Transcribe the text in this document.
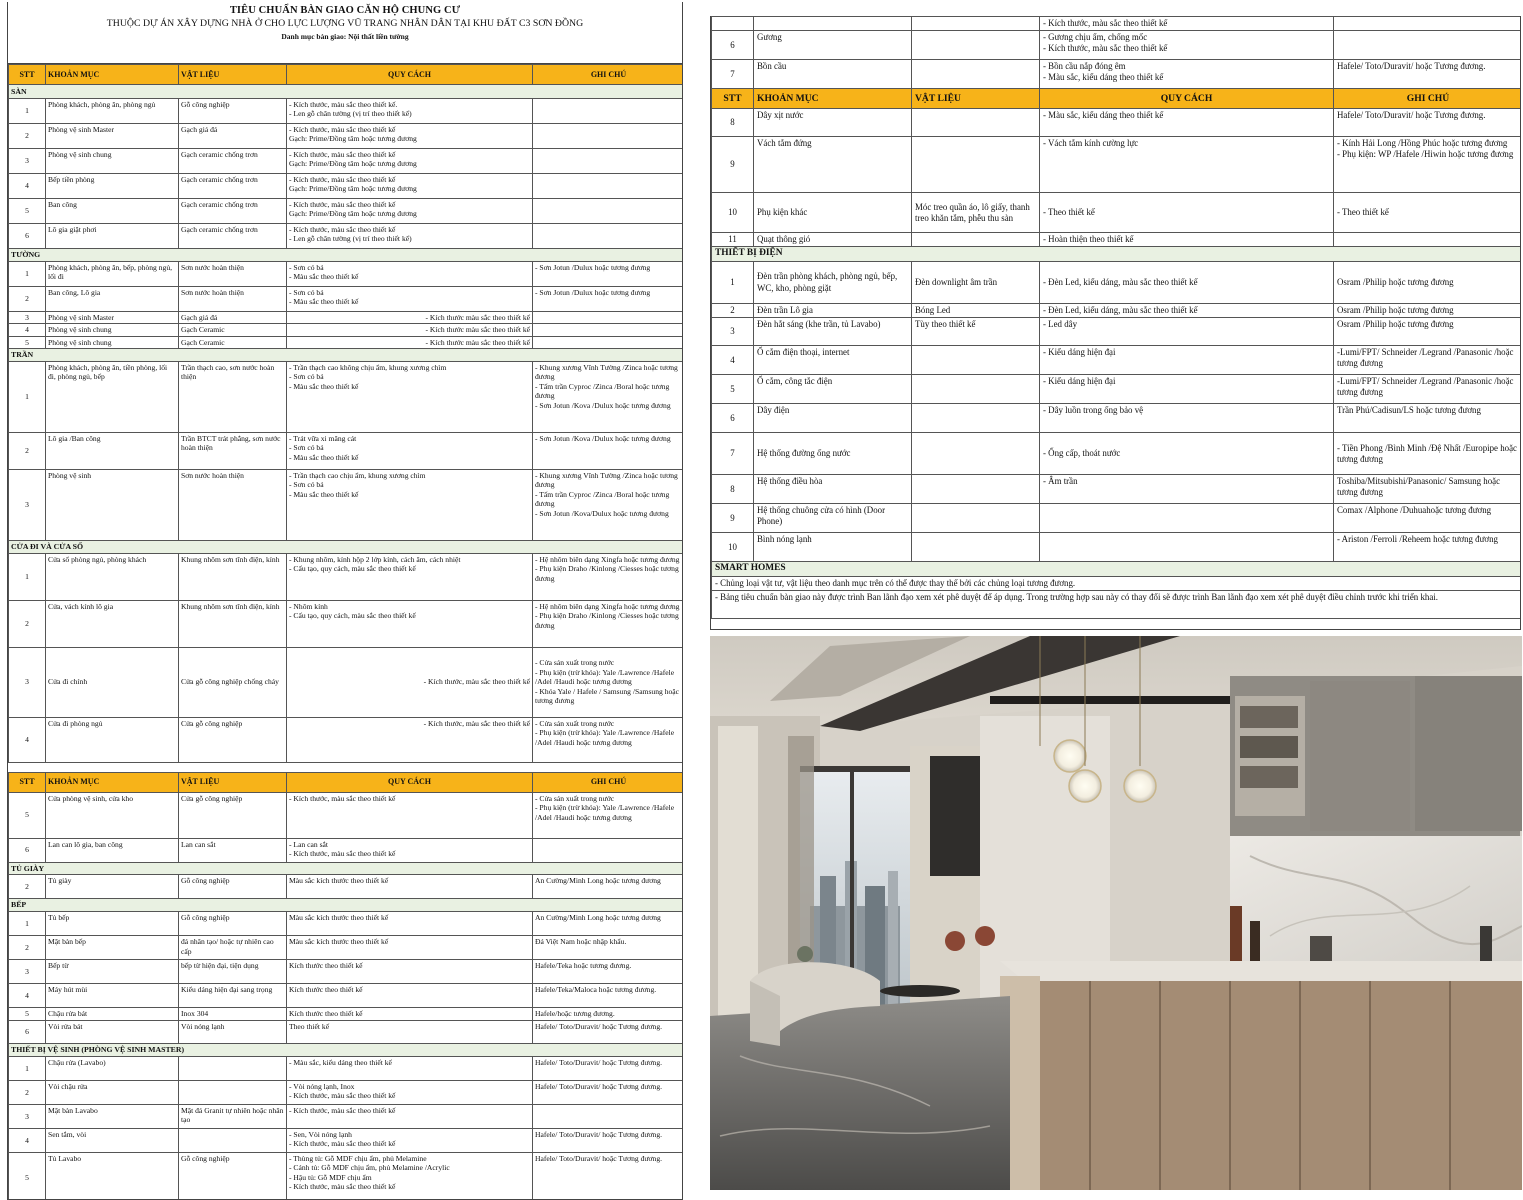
TIÊU CHUẨN BÀN GIAO CĂN HỘ CHUNG CƯ
THUỘC DỰ ÁN XÂY DỰNG NHÀ Ở CHO LỰC LƯỢNG VŨ TRANG NHÂN DÂN TẠI KHU ĐẤT C3 SƠN ĐỒNG
Danh mục bàn giao: Nội thất liền tường
STT	KHOẢN MỤC	VẬT LIỆU	QUY CÁCH	GHI CHÚ
SÀN				
1	Phòng khách, phòng ăn, phòng ngủ	Gỗ công nghiệp	- Kích thước, màu sắc theo thiết kế.
- Len gỗ chân tường (vị trí theo thiết kế)	
2	Phòng vệ sinh Master	Gạch giả đá	- Kích thước, màu sắc theo thiết kế
Gạch: Prime/Đồng tâm hoặc tương đương	
3	Phòng vệ sinh chung	Gạch ceramic chống trơn	- Kích thước, màu sắc theo thiết kế
Gạch: Prime/Đồng tâm hoặc tương đương	
4	Bếp tiền phòng	Gạch ceramic chống trơn	- Kích thước, màu sắc theo thiết kế
Gạch: Prime/Đồng tâm hoặc tương đương	
5	Ban công	Gạch ceramic chống trơn	- Kích thước, màu sắc theo thiết kế
Gạch: Prime/Đồng tâm hoặc tương đương	
6	Lô gia giặt phơi	Gạch ceramic chống trơn	- Kích thước, màu sắc theo thiết kế
- Len gỗ chân tường (vị trí theo thiết kế)	
TƯỜNG				
1	Phòng khách, phòng ăn, bếp, phòng ngủ, lối đi	Sơn nước hoàn thiện	- Sơn có bả
- Màu sắc theo thiết kế	- Sơn Jotun /Dulux hoặc tương đương
2	Ban công, Lô gia	Sơn nước hoàn thiện	- Sơn có bả
- Màu sắc theo thiết kế	- Sơn Jotun /Dulux hoặc tương đương
3	Phòng vệ sinh Master	Gạch giả đá	- Kích thước màu sắc theo thiết kế	
4	Phòng vệ sinh chung	Gạch Ceramic	- Kích thước màu sắc theo thiết kế	
5	Phòng vệ sinh chung	Gạch Ceramic	- Kích thước màu sắc theo thiết kế	
TRẦN				
1	Phòng khách, phòng ăn, tiền phòng, lối đi, phòng ngủ, bếp	Trần thạch cao, sơn nước hoàn thiện	- Trần thạch cao không chịu ẩm, khung xương chìm
- Sơn có bả
- Màu sắc theo thiết kế	- Khung xương Vĩnh Tường /Zinca hoặc tương đương
- Tấm trần Cyproc /Zinca /Boral hoặc tương đương
- Sơn Jotun /Kova /Dulux hoặc tương đương
2	Lô gia /Ban công	Trần BTCT trát phẳng, sơn nước hoàn thiện	- Trát vữa xi măng cát
- Sơn có bả
- Màu sắc theo thiết kế	- Sơn Jotun /Kova /Dulux hoặc tương đương
3	Phòng vệ sinh	Sơn nước hoàn thiện	- Trần thạch cao chịu ẩm, khung xương chìm
- Sơn có bả
- Màu sắc theo thiết kế	- Khung xương Vĩnh Tường /Zinca hoặc tương đương
- Tấm trần Cyproc /Zinca /Boral hoặc tương đương
- Sơn Jotun /Kova/Dulux hoặc tương đương
CỬA ĐI VÀ CỬA SỔ				
1	Cửa sổ phòng ngủ, phòng khách	Khung nhôm sơn tĩnh điện, kính	- Khung nhôm, kính hộp 2 lớp kính, cách âm, cách nhiệt
- Cấu tạo, quy cách, màu sắc theo thiết kế	- Hệ nhôm biên dạng Xingfa hoặc tương đương
- Phụ kiện Draho /Kinlong /Ciesses hoặc tương đương
2	Cửa, vách kính lô gia	Khung nhôm sơn tĩnh điện, kính	- Nhôm kính
- Cấu tạo, quy cách, màu sắc theo thiết kế	- Hệ nhôm biên dạng Xingfa hoặc tương đương
- Phụ kiện Draho /Kinlong /Ciesses hoặc tương đương
3	Cửa đi chính	Cửa gỗ công nghiệp chống cháy	- Kích thước, màu sắc theo thiết kế	- Cửa sản xuất trong nước
- Phụ kiện (trừ khóa): Yale /Lawrence /Hafele /Adel /Haudi hoặc tương đương
- Khóa Yale / Hafele / Samsung /Samsung hoặc tương đương
4	Cửa đi phòng ngủ	Cửa gỗ công nghiệp	- Kích thước, màu sắc theo thiết kế	- Cửa sản xuất trong nước
- Phụ kiện (trừ khóa): Yale /Lawrence /Hafele /Adel /Haudi hoặc tương đương

STT	KHOẢN MỤC	VẬT LIỆU	QUY CÁCH	GHI CHÚ
5	Cửa phòng vệ sinh, cửa kho	Cửa gỗ công nghiệp	- Kích thước, màu sắc theo thiết kế	- Cửa sản xuất trong nước
- Phụ kiện (trừ khóa): Yale /Lawrence /Hafele /Adel /Haudi hoặc tương đương
6	Lan can lô gia, ban công	Lan can sắt	- Lan can sắt
- Kích thước, màu sắc theo thiết kế	
TỦ GIÀY				
2	Tủ giày	Gỗ công nghiệp	Màu sắc kích thước theo thiết kế	An Cường/Minh Long hoặc tương đương
BẾP				
1	Tủ bếp	Gỗ công nghiệp	Màu sắc kích thước theo thiết kế	An Cường/Minh Long hoặc tương đương
2	Mặt bàn bếp	đá nhân tạo/ hoặc tự nhiên cao cấp	Màu sắc kích thước theo thiết kế	Đá Việt Nam hoặc nhập khẩu.
3	Bếp từ	bếp từ hiện đại, tiện dụng	Kích thước theo thiết kế	Hafele/Teka hoặc tương đương.
4	Máy hút mùi	Kiểu dáng hiện đại sang trọng	Kích thước theo thiết kế	Hafele/Teka/Maloca hoặc tương đương.
5	Chậu rửa bát	Inox 304	Kích thước theo thiết kế	Hafele/hoặc tương đương.
6	Vòi rửa bát	Vòi nóng lạnh	Theo thiết kế	Hafele/ Toto/Duravit/ hoặc Tương đương.
THIẾT BỊ VỆ SINH (PHÒNG VỆ SINH MASTER)				
1	Chậu rửa (Lavabo)		- Màu sắc, kiểu dáng theo thiết kế	Hafele/ Toto/Duravit/ hoặc Tương đương.
2	Vòi chậu rửa		- Vòi nóng lạnh, Inox
- Kích thước, màu sắc theo thiết kế	Hafele/ Toto/Duravit/ hoặc Tương đương.
3	Mặt bàn Lavabo	Mặt đá Granit tự nhiên hoặc nhân tạo	- Kích thước, màu sắc theo thiết kế	
4	Sen tắm, vòi		- Sen, Vòi nóng lạnh
- Kích thước, màu sắc theo thiết kế	Hafele/ Toto/Duravit/ hoặc Tương đương.
5	Tủ Lavabo	Gỗ công nghiệp	- Thùng tủ: Gỗ MDF chịu ẩm, phủ Melamine
- Cánh tủ: Gỗ MDF chịu ẩm, phủ Melamine /Acrylic
- Hậu tủ: Gỗ MDF chịu ẩm
- Kích thước, màu sắc theo thiết kế	Hafele/ Toto/Duravit/ hoặc Tương đương.
			- Kích thước, màu sắc theo thiết kế	
6	Gương		- Gương chịu ẩm, chống mốc
- Kích thước, màu sắc theo thiết kế	
7	Bồn cầu		- Bồn cầu nắp đóng êm
- Màu sắc, kiểu dáng theo thiết kế	Hafele/ Toto/Duravit/ hoặc Tương đương.
STT	KHOẢN MỤC	VẬT LIỆU	QUY CÁCH	GHI CHÚ
8	Dây xịt nước		- Màu sắc, kiểu dáng theo thiết kế	Hafele/ Toto/Duravit/ hoặc Tương đương.
9	Vách tắm đứng		- Vách tắm kính cường lực	- Kính Hải Long /Hồng Phúc hoặc tương đương
- Phụ kiện: WP /Hafele /Hiwin hoặc tương đương
10	Phụ kiện khác	Móc treo quần áo, lô giấy, thanh treo khăn tắm, phễu thu sàn	- Theo thiết kế	- Theo thiết kế
11	Quạt thông gió		- Hoàn thiện theo thiết kế	
THIẾT BỊ ĐIỆN				
1	Đèn trần phòng khách, phòng ngủ, bếp, WC, kho, phòng giặt	Đèn downlight âm trần	- Đèn Led, kiểu dáng, màu sắc theo thiết kế	Osram /Philip hoặc tương đương
2	Đèn trần Lô gia	Bóng Led	- Đèn Led, kiểu dáng, màu sắc theo thiết kế	Osram /Philip hoặc tương đương
3	Đèn hắt sáng (khe trần, tủ Lavabo)	Tùy theo thiết kế	- Led dây	Osram /Philip hoặc tương đương
4	Ổ cắm điện thoại, internet		- Kiểu dáng hiện đại	-Lumi/FPT/ Schneider /Legrand /Panasonic /hoặc tương đương
5	Ổ cắm, công tắc điện		- Kiểu dáng hiện đại	-Lumi/FPT/ Schneider /Legrand /Panasonic /hoặc tương đương
6	Dây điện		- Dây luồn trong ống bảo vệ	Trần Phú/Cadisun/LS hoặc tương đương
7	Hệ thống đường ống nước		- Ống cấp, thoát nước	- Tiền Phong /Bình Minh /Đệ Nhất /Europipe hoặc tương đương
8	Hệ thống điều hòa		- Âm trần	Toshiba/Mitsubishi/Panasonic/ Samsung hoặc tương đương
9	Hệ thống chuông cửa có hình (Door Phone)			Comax /Alphone /Duhuahoặc tương đương
10	Bình nóng lạnh			- Ariston /Ferroli /Reheem hoặc tương đương
SMART HOMES				
- Chủng loại vật tư, vật liệu theo danh mục trên có thể được thay thế bởi các chủng loại tương đương.				
- Bảng tiêu chuẩn bàn giao này được trình Ban lãnh đạo xem xét phê duyệt để áp dụng. Trong trường hợp sau này có thay đổi sẽ được trình Ban lãnh đạo xem xét phê duyệt điều chỉnh trước khi triển khai.				
